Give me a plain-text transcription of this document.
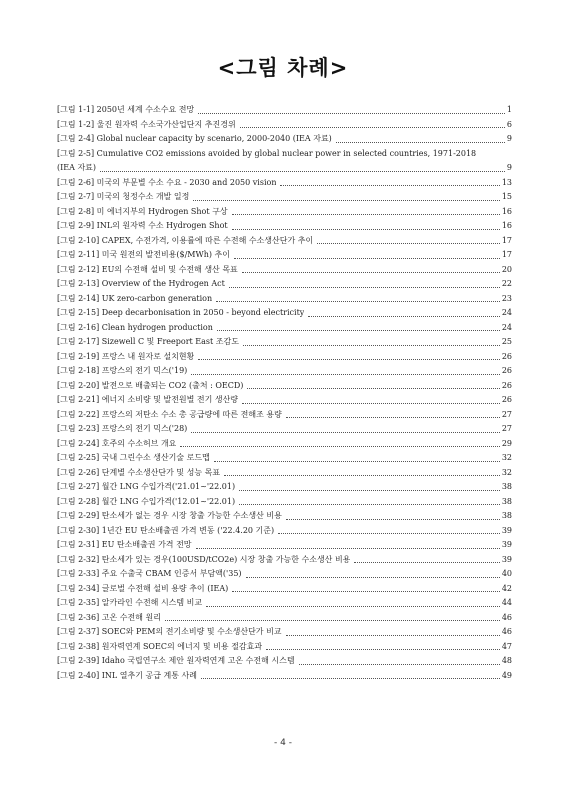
<그림 차례>
[그림 1-1] 2050년 세계 수소수요 전망	1
[그림 1-2] 울진 원자력 수소국가산업단지 추진경위	6
[그림 2-4] Global nuclear capacity by scenario, 2000-2040 (IEA 자료)	9
[그림 2-5] Cumulative CO2 emissions avoided by global nuclear power in selected countries, 1971-2018
(IEA 자료)	9
[그림 2-6] 미국의 부문별 수소 수요 - 2030 and 2050 vision	13
[그림 2-7] 미국의 청정수소 개발 일정	15
[그림 2-8] 미 에너지부의 Hydrogen Shot 구상	16
[그림 2-9] INL의 원자력 수소 Hydrogen Shot	16
[그림 2-10] CAPEX, 수전가격, 이용률에 따른 수전해 수소생산단가 추이	17
[그림 2-11] 미국 원전의 발전비용($/MWh) 추이	17
[그림 2-12] EU의 수전해 설비 및 수전해 생산 목표	20
[그림 2-13] Overview of the Hydrogen Act	22
[그림 2-14] UK zero-carbon generation	23
[그림 2-15] Deep decarbonisation in 2050 - beyond electricity	24
[그림 2-16] Clean hydrogen production	24
[그림 2-17] Sizewell C 및 Freeport East 조감도	25
[그림 2-19] 프랑스 내 원자로 설치현황	26
[그림 2-18] 프랑스의 전기 믹스('19)	26
[그림 2-20] 발전으로 배출되는 CO2 (출처 : OECD)	26
[그림 2-21] 에너지 소비량 및 발전원별 전기 생산량	26
[그림 2-22] 프랑스의 저탄소 수소 총 공급량에 따른 전해조 용량	27
[그림 2-23] 프랑스의 전기 믹스('28)	27
[그림 2-24] 호주의 수소허브 개요	29
[그림 2-25] 국내 그린수소 생산기술 로드맵	32
[그림 2-26] 단계별 수소생산단가 및 성능 목표	32
[그림 2-27] 월간 LNG 수입가격('21.01~'22.01)	38
[그림 2-28] 월간 LNG 수입가격('12.01~'22.01)	38
[그림 2-29] 탄소세가 없는 경우 시장 창출 가능한 수소생산 비용	38
[그림 2-30] 1년간 EU 탄소배출권 가격 변동 ('22.4.20 기준)	39
[그림 2-31] EU 탄소배출권 가격 전망	39
[그림 2-32] 탄소세가 있는 경우(100USD/tCO2e) 시장 창출 가능한 수소생산 비용	39
[그림 2-33] 주요 수출국 CBAM 인증서 부담액('35)	40
[그림 2-34] 글로벌 수전해 설비 용량 추이 (IEA)	42
[그림 2-35] 알카라인 수전해 시스템 비교	44
[그림 2-36] 고온 수전해 원리	46
[그림 2-37] SOEC와 PEM의 전기소비량 및 수소생산단가 비교	46
[그림 2-38] 원자력연계 SOEC의 에너지 및 비용 절감효과	47
[그림 2-39] Idaho 국립연구소 제안 원자력연계 고온 수전해 시스템	48
[그림 2-40] INL 열추기 공급 계통 사례	49
- 4 -
